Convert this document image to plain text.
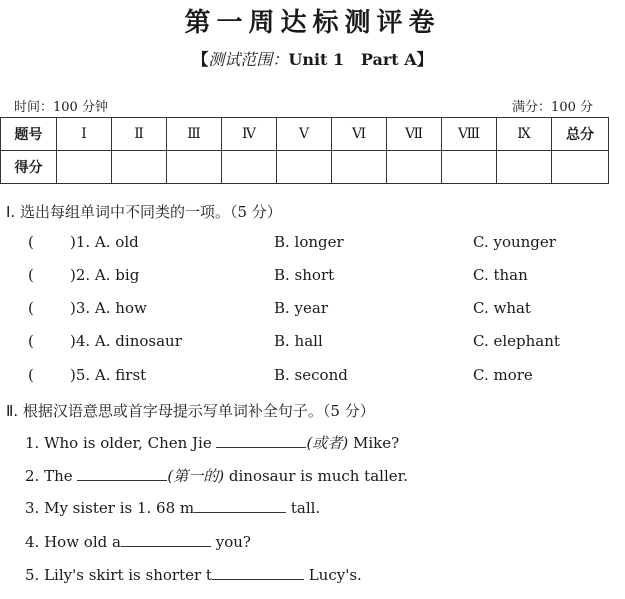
第一周达标测评卷
【测试范围：Unit 1   Part A】
时间：100 分钟	满分：100 分
题号	Ⅰ	Ⅱ	Ⅲ	Ⅳ	Ⅴ	Ⅵ	Ⅶ	Ⅷ	Ⅸ	总分
得分										
Ⅰ. 选出每组单词中不同类的一项。（5 分）
( )1. A. old	B. longer	C. younger
( )2. A. big	B. short	C. than
( )3. A. how	B. year	C. what
( )4. A. dinosaur	B. hall	C. elephant
( )5. A. first	B. second	C. more
Ⅱ. 根据汉语意思或首字母提示写单词补全句子。（5 分）
1. Who is older, Chen Jie	(或者) Mike?
2. The	(第一的) dinosaur is much taller.
3. My sister is 1. 68 m	tall.
4. How old a	you?
5. Lily's skirt is shorter t	Lucy's.
